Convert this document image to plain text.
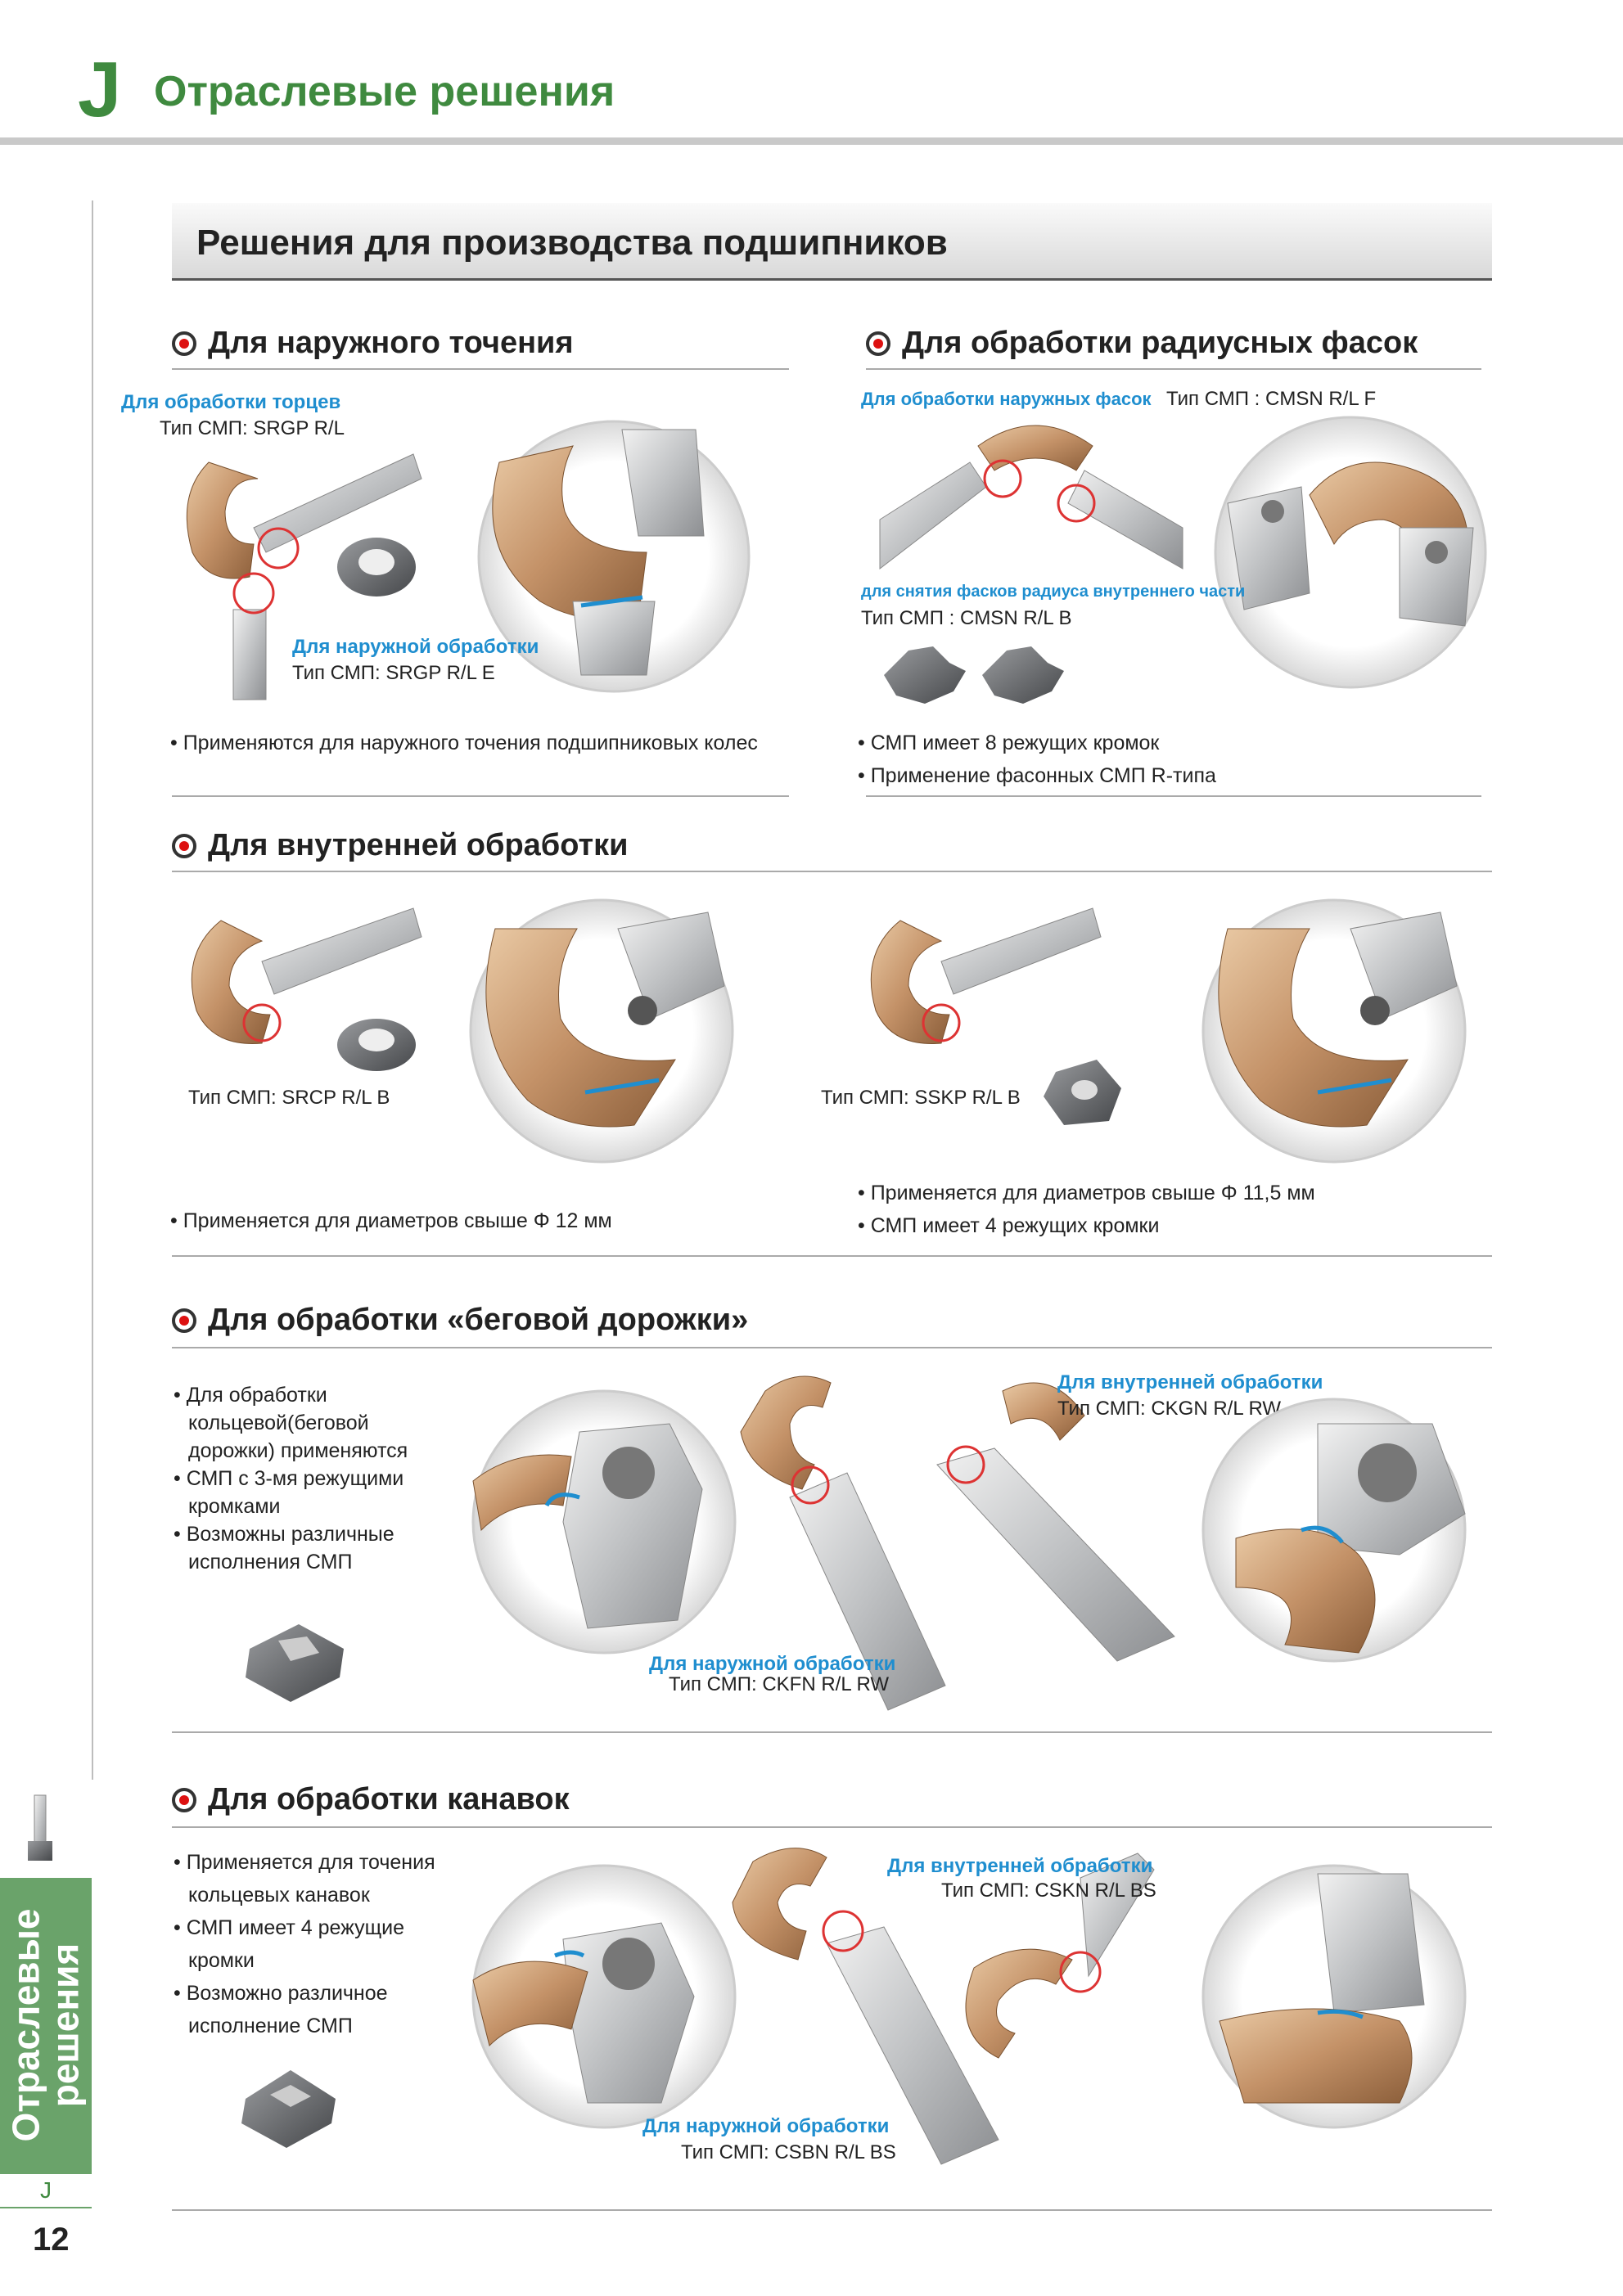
J Отраслевые решения
Отраслевые
решения
J
12
Решения для производства подшипников
Для наружного точения
Для обработки торцев
Тип СМП: SRGP R/L
Для наружной обработки
Тип СМП: SRGP R/L E
• Применяются для наружного точения подшипниковых колес
Для обработки радиусных фасок
Для обработки наружных фасок Тип СМП : CMSN R/L F
для снятия фасков радиуса внутреннего части
Тип СМП : CMSN R/L B
• СМП имеет 8 режущих кромок
• Применение фасонных СМП R-типа
Для внутренней обработки
Тип СМП: SRCP R/L B
• Применяется для диаметров свыше Φ 12 мм
Тип СМП: SSKP R/L B
• Применяется для диаметров свыше Φ 11,5 мм
• СМП имеет 4 режущих кромки
Для обработки «беговой дорожки»
• Для обработки
кольцевой(беговой
дорожки) применяются
• СМП с 3-мя режущими
кромками
• Возможны различные
исполнения СМП
Для наружной обработки
Тип СМП: CKFN R/L RW
Для внутренней обработки
Тип СМП: CKGN R/L RW
Для обработки канавок
• Применяется для точения
кольцевых канавок
• СМП имеет 4 режущие
кромки
• Возможно различное
исполнение СМП
Для внутренней обработки
Тип СМП: CSKN R/L BS
Для наружной обработки
Тип СМП: CSBN R/L BS
